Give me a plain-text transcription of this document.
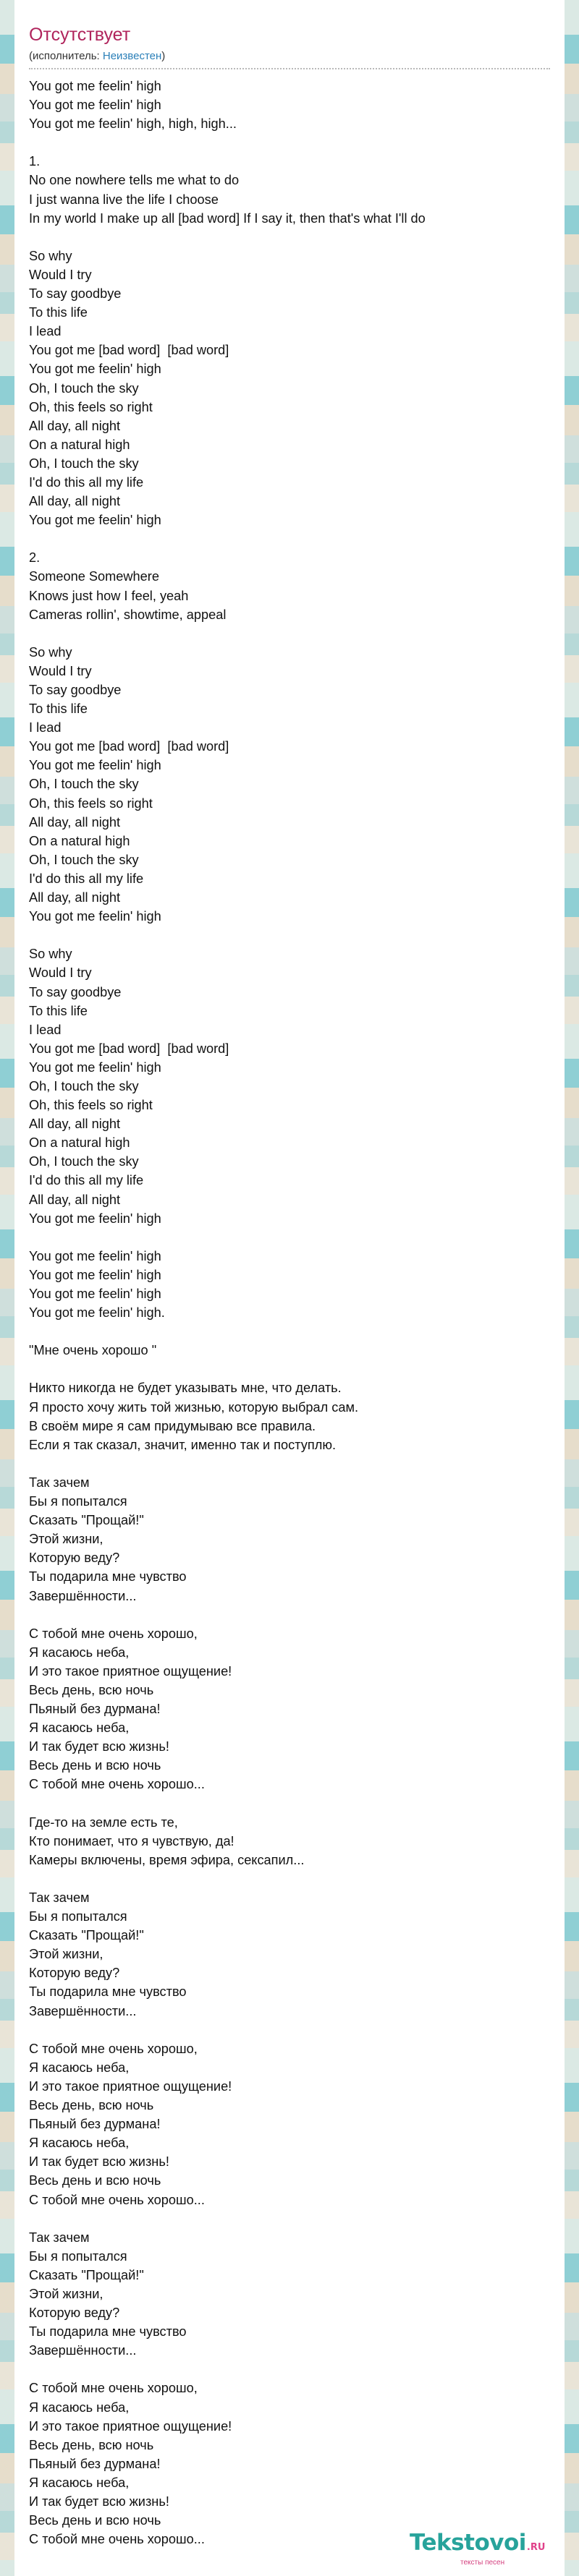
Отсутствует
(исполнитель: Неизвестен)
You got me feelin' high
You got me feelin' high
You got me feelin' high, high, high...

1.
No one nowhere tells me what to do
I just wanna live the life I choose
In my world I make up all [bad word] If I say it, then that's what I'll do

So why
Would I try
To say goodbye
To this life
I lead
You got me [bad word]  [bad word]
You got me feelin' high
Oh, I touch the sky
Oh, this feels so right
All day, all night
On a natural high
Oh, I touch the sky
I'd do this all my life
All day, all night
You got me feelin' high

2.
Someone Somewhere
Knows just how I feel, yeah
Cameras rollin', showtime, appeal

So why
Would I try
To say goodbye
To this life
I lead
You got me [bad word]  [bad word]
You got me feelin' high
Oh, I touch the sky
Oh, this feels so right
All day, all night
On a natural high
Oh, I touch the sky
I'd do this all my life
All day, all night
You got me feelin' high

So why
Would I try
To say goodbye
To this life
I lead
You got me [bad word]  [bad word]
You got me feelin' high
Oh, I touch the sky
Oh, this feels so right
All day, all night
On a natural high
Oh, I touch the sky
I'd do this all my life
All day, all night
You got me feelin' high

You got me feelin' high
You got me feelin' high
You got me feelin' high
You got me feelin' high.

"Мне очень хорошо "

Никто никогда не будет указывать мне, что делать.
Я просто хочу жить той жизнью, которую выбрал сам.
В своём мире я сам придумываю все правила.
Если я так сказал, значит, именно так и поступлю.

Так зачем
Бы я попытался
Сказать "Прощай!"
Этой жизни,
Которую веду?
Ты подарила мне чувство
Завершённости...

С тобой мне очень хорошо,
Я касаюсь неба,
И это такое приятное ощущение!
Весь день, всю ночь
Пьяный без дурмана!
Я касаюсь неба,
И так будет всю жизнь!
Весь день и всю ночь
С тобой мне очень хорошо...

Где-то на земле есть те,
Кто понимает, что я чувствую, да!
Камеры включены, время эфира, сексапил...

Так зачем
Бы я попытался
Сказать "Прощай!"
Этой жизни,
Которую веду?
Ты подарила мне чувство
Завершённости...

С тобой мне очень хорошо,
Я касаюсь неба,
И это такое приятное ощущение!
Весь день, всю ночь
Пьяный без дурмана!
Я касаюсь неба,
И так будет всю жизнь!
Весь день и всю ночь
С тобой мне очень хорошо...

Так зачем
Бы я попытался
Сказать "Прощай!"
Этой жизни,
Которую веду?
Ты подарила мне чувство
Завершённости...

С тобой мне очень хорошо,
Я касаюсь неба,
И это такое приятное ощущение!
Весь день, всю ночь
Пьяный без дурмана!
Я касаюсь неба,
И так будет всю жизнь!
Весь день и всю ночь
С тобой мне очень хорошо...	Tekstovoi .RU
тексты песен
